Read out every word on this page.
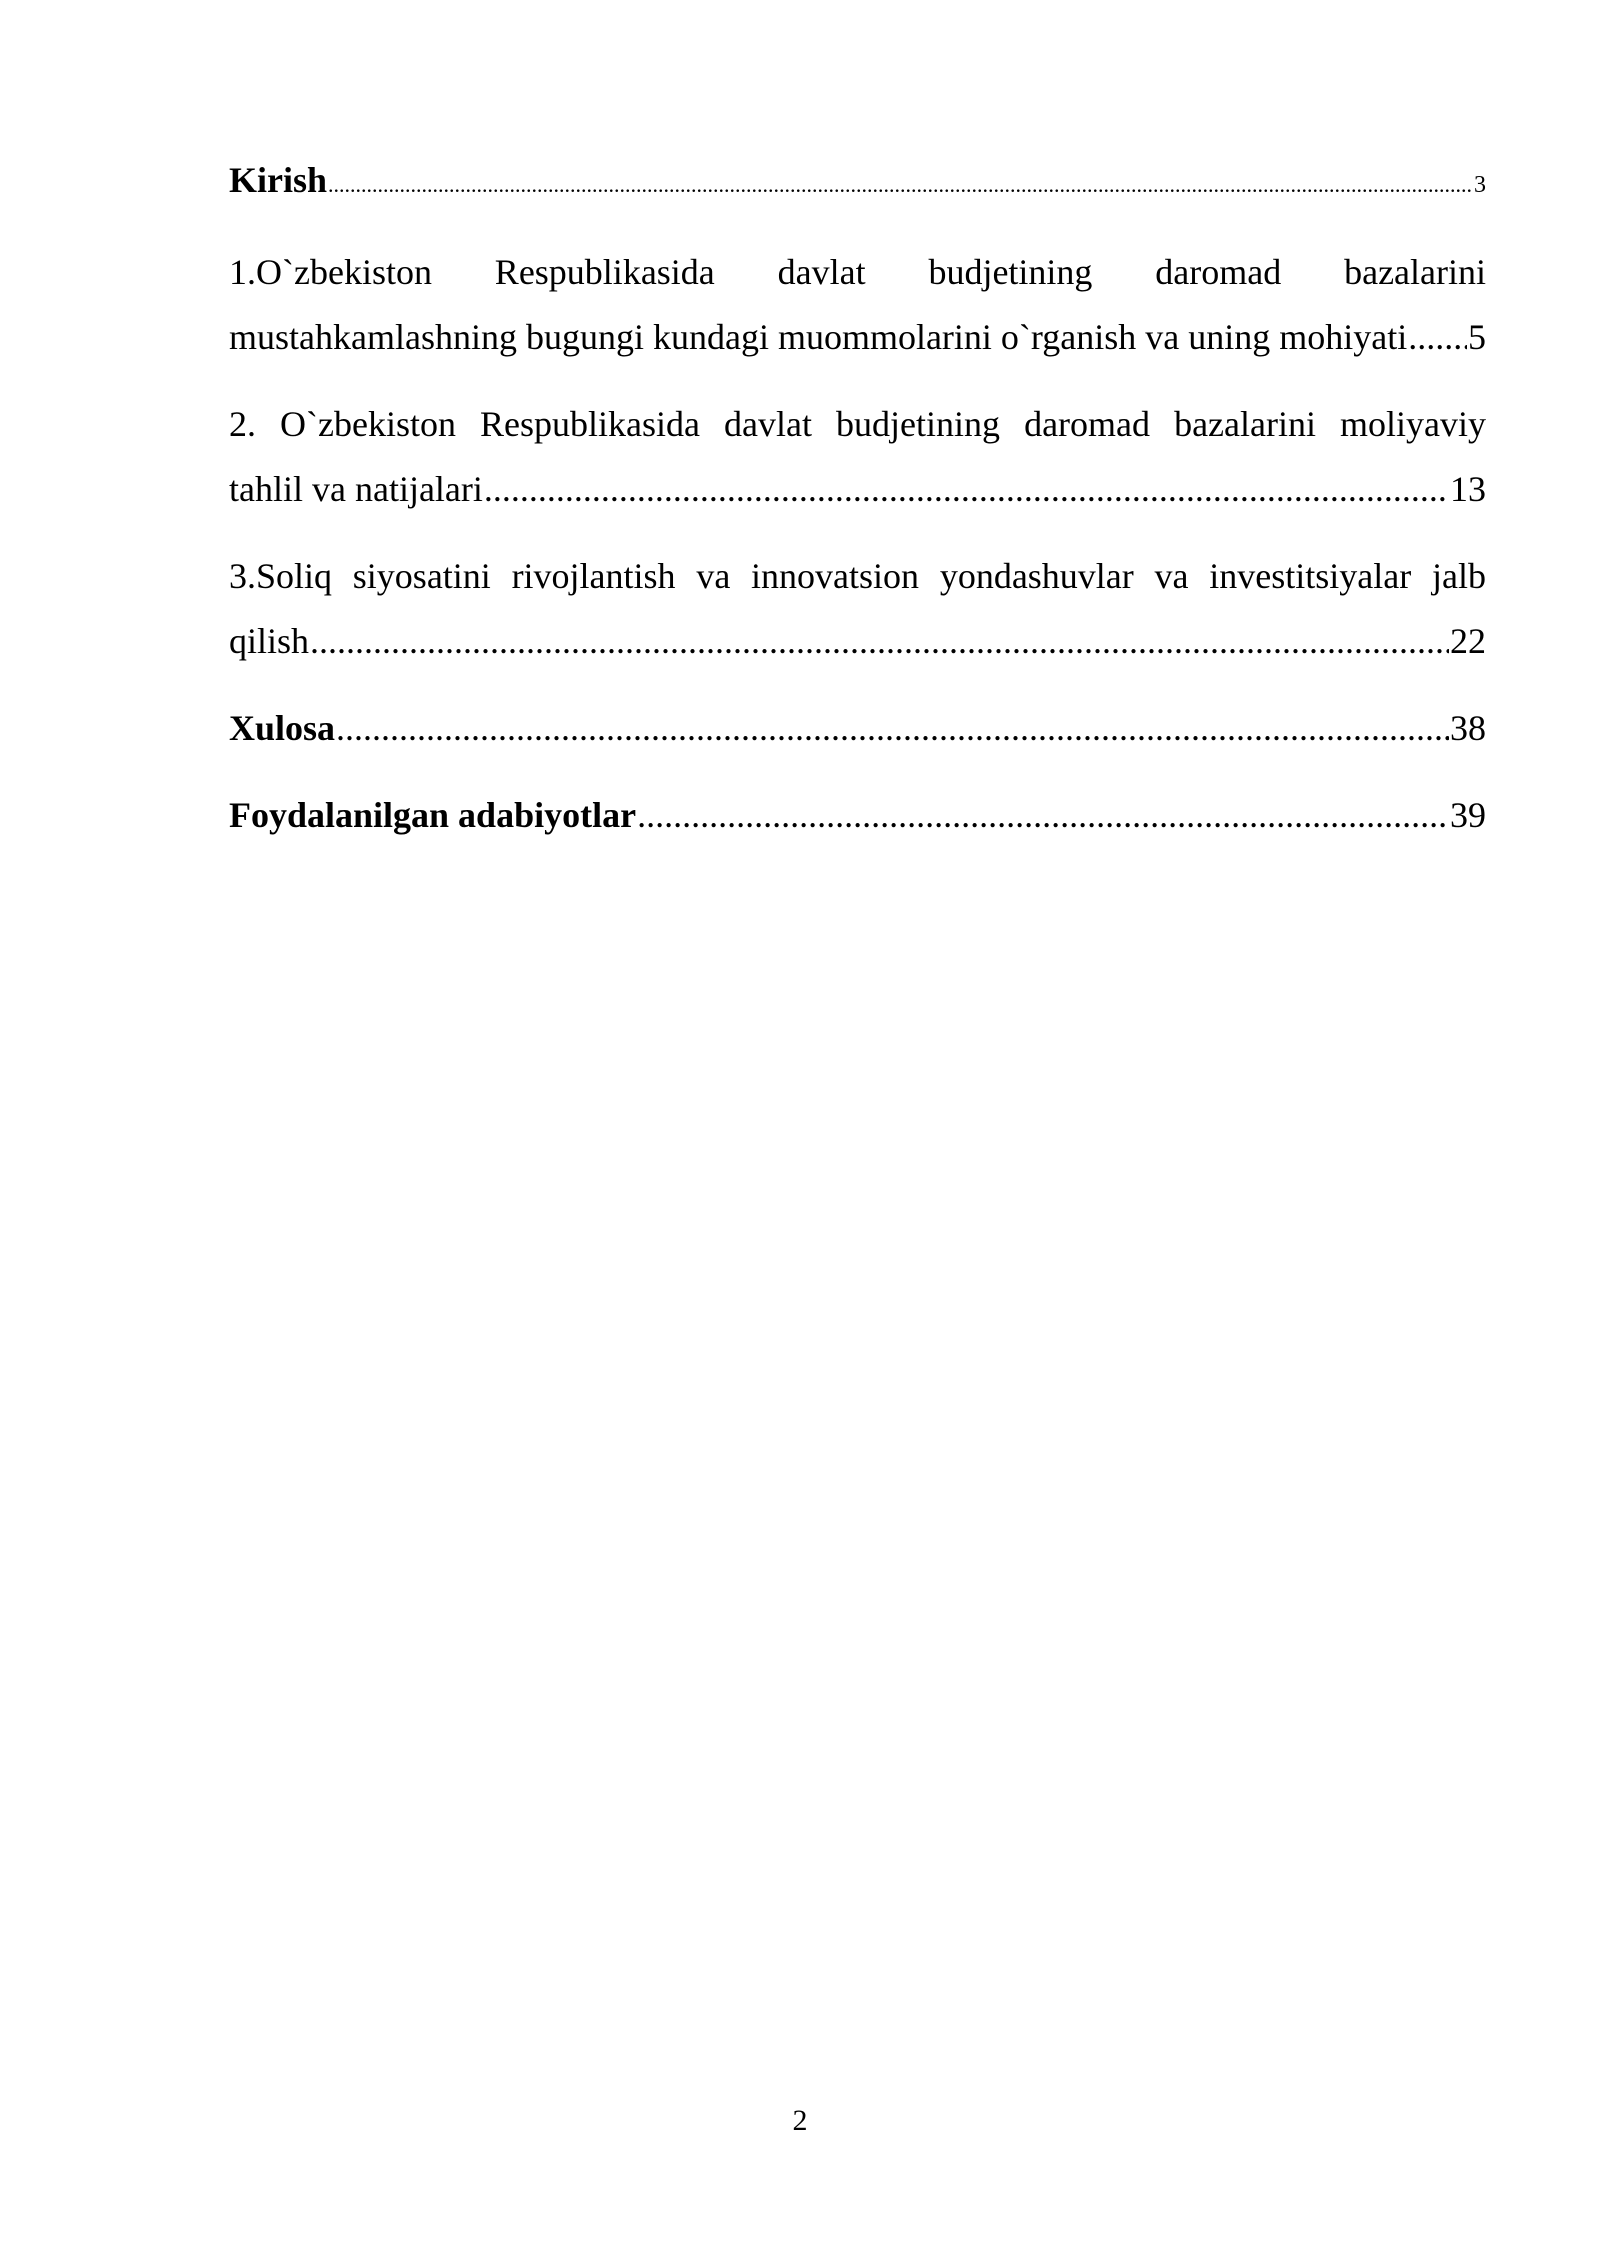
Kirish .....	3
1.O`zbekiston Respublikasida davlat budjetining daromad bazalarini
mustahkamlashning bugungi kundagi muommolarini o`rganish va uning mohiyati ..... 5
2. O`zbekiston Respublikasida davlat budjetining daromad bazalarini moliyaviy
tahlil va natijalari .....	13
3.Soliq siyosatini rivojlantish va innovatsion yondashuvlar va investitsiyalar jalb
qilish .....	22
Xulosa .....	38
Foydalanilgan adabiyotlar .....	39
2
